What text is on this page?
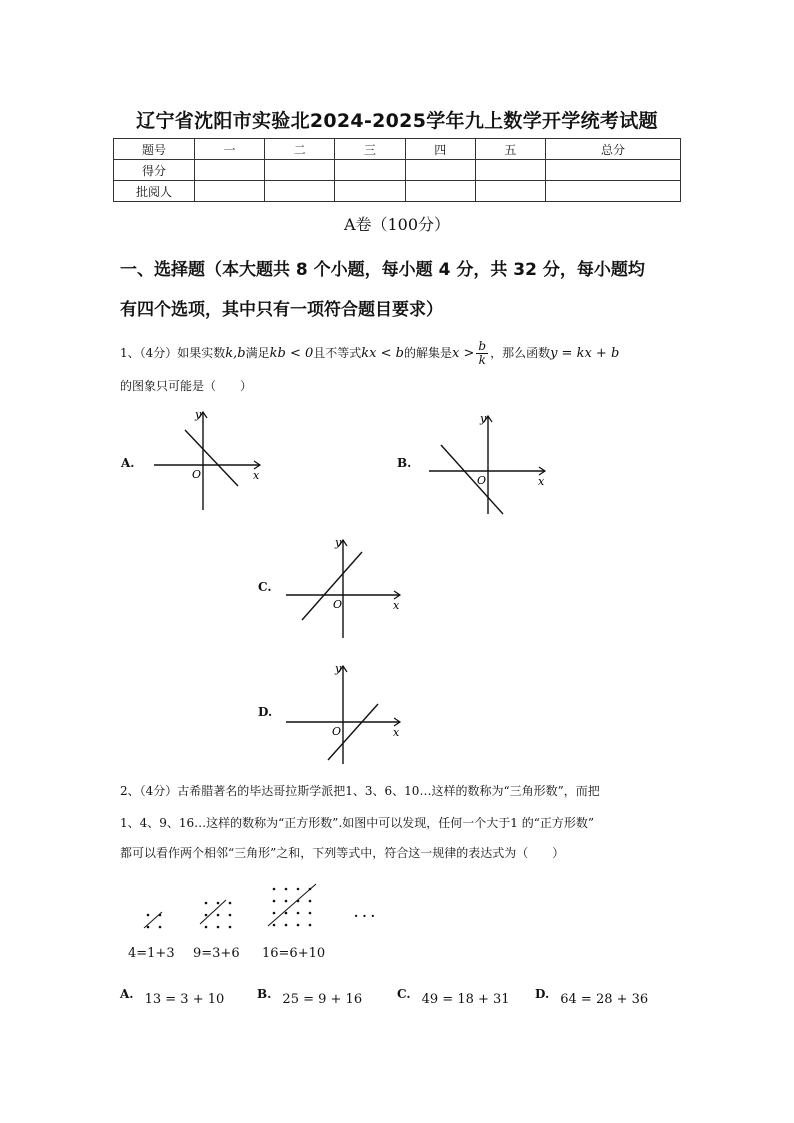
辽宁省沈阳市实验北2024-2025学年九上数学开学统考试题
题号	一	二	三	四	五	总分
得分						
批阅人						
A卷（100分）
一、选择题（本大题共 8 个小题，每小题 4 分，共 32 分，每小题均
有四个选项，其中只有一项符合题目要求）
1、（4分）如果实数k,b满足kb < 0且不等式kx < b的解集是$x > \frac{b}{k}$ ，那么函数y = kx + b
的图象只可能是（　　）
A.
y
x
O
B.
y
x
O
C.
y
x
O
D.
y
x
O
2、（4分）古希腊著名的毕达哥拉斯学派把1、3、6、10…这样的数称为“三角形数”，而把
1、4、9、16…这样的数称为“正方形数”.如图中可以发现，任何一个大于1 的“正方形数”
都可以看作两个相邻“三角形”之和，下列等式中，符合这一规律的表达式为（　　）
· · ·
4=1+3 9=3+6 16=6+10
A. $_{13 = 3 + 10}$	B. $_{25 = 9 + 16}$	C. $_{49 = 18 + 31}$ D. $_{64 = 28 + 36}$
